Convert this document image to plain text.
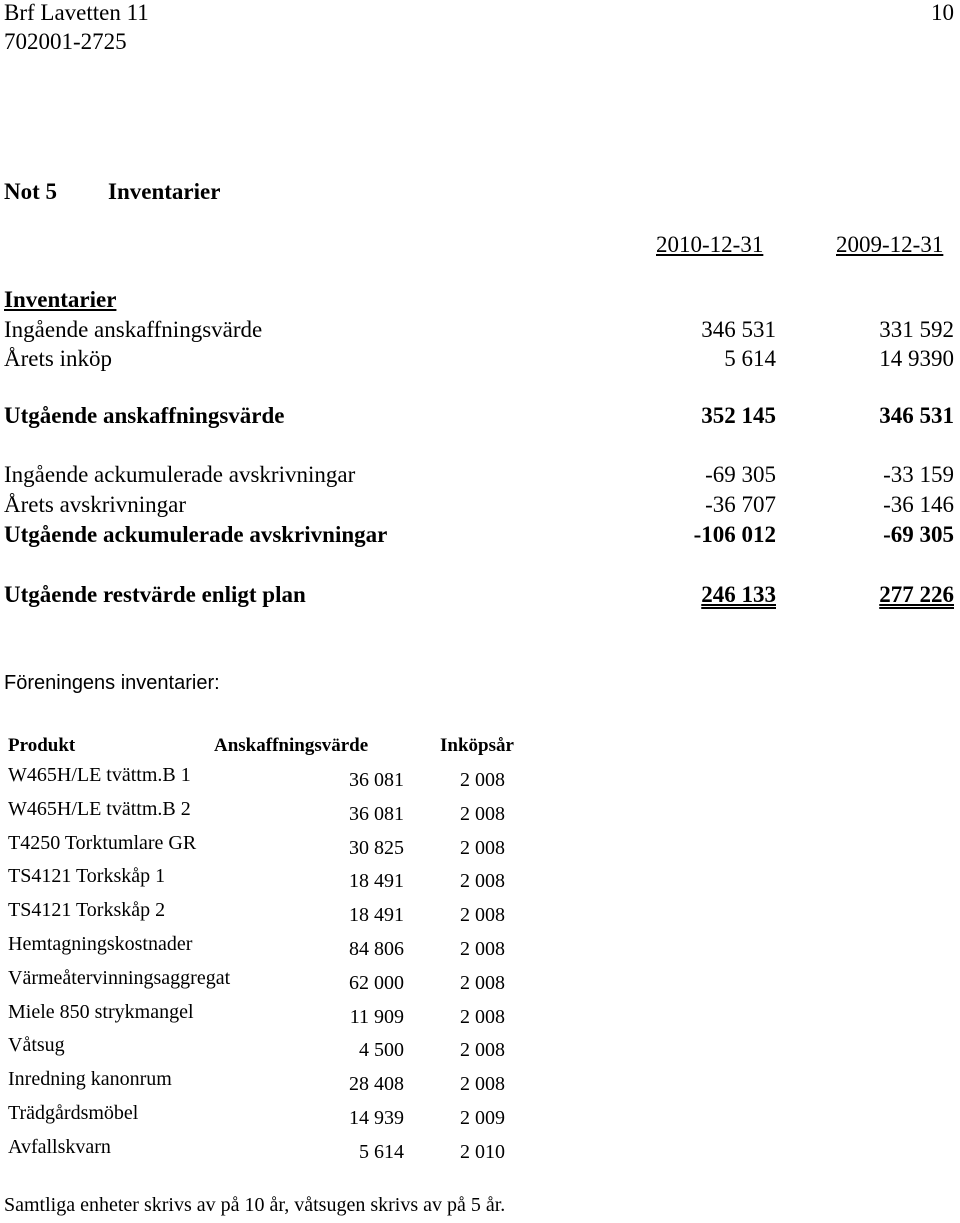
Brf Lavetten 11
702001-2725
10
Not 5 Inventarier
2010-12-31	2009-12-31
Inventarier
Ingående anskaffningsvärde	346 531	331 592
Årets inköp	5 614	14 9390
Utgående anskaffningsvärde	352 145	346 531
Ingående ackumulerade avskrivningar	-69 305	-33 159
Årets avskrivningar	-36 707	-36 146
Utgående ackumulerade avskrivningar	-106 012	-69 305
Utgående restvärde enligt plan	246 133	277 226
Föreningens inventarier:
Produkt	Anskaffningsvärde	Inköpsår
W465H/LE tvättm.B 1	36 081	2 008
W465H/LE tvättm.B 2	36 081	2 008
T4250 Torktumlare GR	30 825	2 008
TS4121 Torkskåp 1	18 491	2 008
TS4121 Torkskåp 2	18 491	2 008
Hemtagningskostnader	84 806	2 008
Värmeåtervinningsaggregat	62 000	2 008
Miele 850 strykmangel	11 909	2 008
Våtsug	4 500	2 008
Inredning kanonrum	28 408	2 008
Trädgårdsmöbel	14 939	2 009
Avfallskvarn	5 614	2 010
Samtliga enheter skrivs av på 10 år, våtsugen skrivs av på 5 år.
